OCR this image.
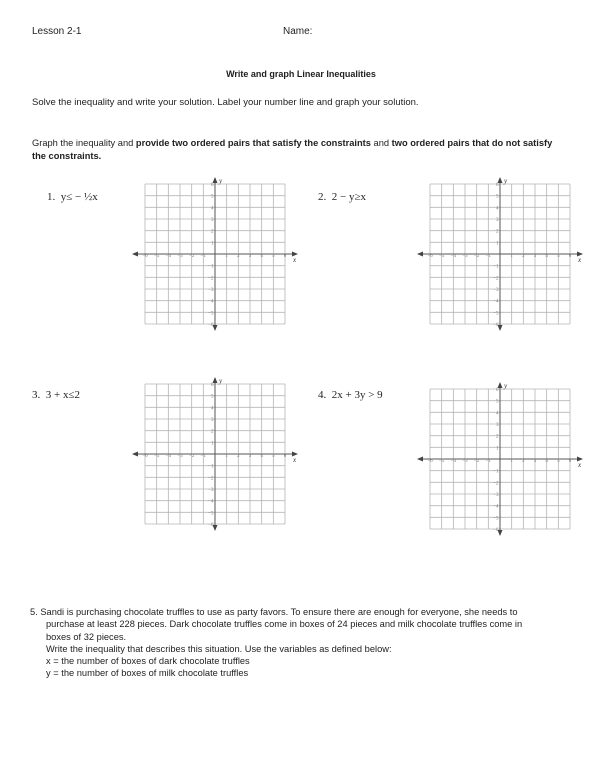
Lesson 2-1	Name:
Write and graph Linear Inequalities
Solve the inequality and write your solution. Label your number line and graph your solution.
Graph the inequality and provide two ordered pairs that satisfy the constraints and two ordered pairs that do not satisfy the constraints.
1. y≤ − ½x	2. 2 − y≥x
3. 3 + x≤2	4. 2x + 3y > 9
−6
−6
−5
−5
−4
−4
−3
−3
−2
−2
−1
−1
1
1
2
2
3
3
4
4
5
5
6
6
x
y
−6
−6
−5
−5
−4
−4
−3
−3
−2
−2
−1
−1
1
1
2
2
3
3
4
4
5
5
6
6
x
y
−6
−6
−5
−5
−4
−4
−3
−3
−2
−2
−1
−1
1
1
2
2
3
3
4
4
5
5
6
6
x
y
−6
−6
−5
−5
−4
−4
−3
−3
−2
−2
−1
−1
1
1
2
2
3
3
4
4
5
5
6
6
x
y
5. Sandi is purchasing chocolate truffles to use as party favors. To ensure there are enough for everyone, she needs to
purchase at least 228 pieces. Dark chocolate truffles come in boxes of 24 pieces and milk chocolate truffles come in
boxes of 32 pieces.
Write the inequality that describes this situation. Use the variables as defined below:
x = the number of boxes of dark chocolate truffles
y = the number of boxes of milk chocolate truffles
